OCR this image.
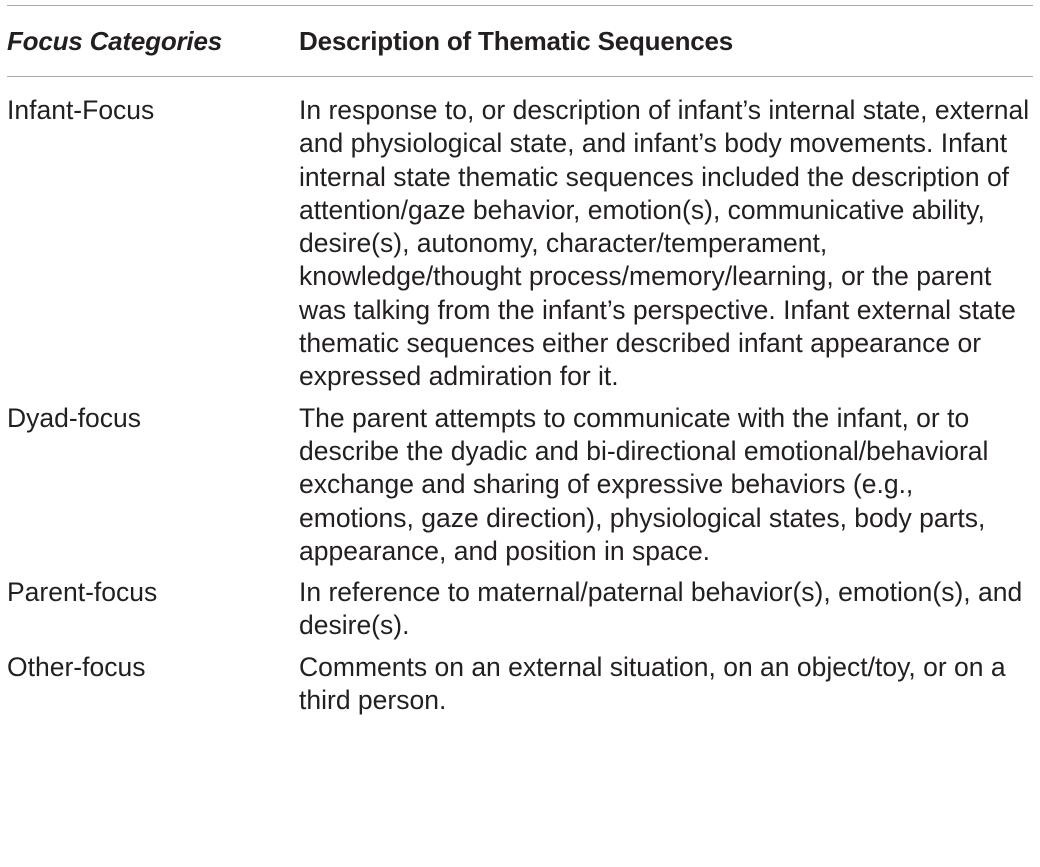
Focus Categories	Description of Thematic Sequences
Infant-Focus	In response to, or description of infant’s internal state, external and physiological state, and infant’s body movements. Infant internal state thematic sequences included the description of attention/gaze behavior, emotion(s), communicative ability, desire(s), autonomy, character/temperament, knowledge/thought process/memory/learning, or the parent was talking from the infant’s perspective. Infant external state thematic sequences either described infant appearance or expressed admiration for it.
Dyad-focus	The parent attempts to communicate with the infant, or to describe the dyadic and bi-directional emotional/behavioral exchange and sharing of expressive behaviors (e.g., emotions, gaze direction), physiological states, body parts, appearance, and position in space.
Parent-focus	In reference to maternal/paternal behavior(s), emotion(s), and desire(s).
Other-focus	Comments on an external situation, on an object/toy, or on a third person.
